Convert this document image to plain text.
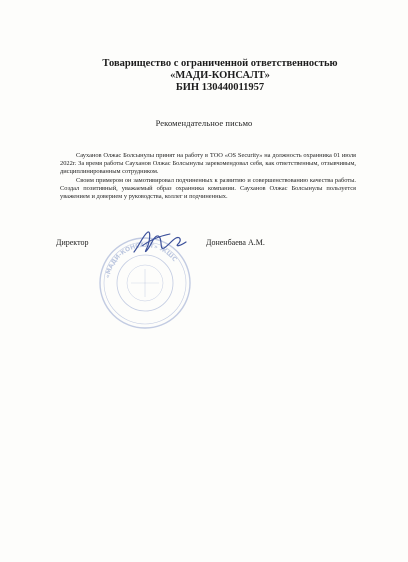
Товарищество с ограниченной ответственностью
«МАДИ-КОНСАЛТ»
БИН 130440011957
Рекомендательное письмо

Сауханов Олжас Болсынулы принят на работу в ТОО «OS Security» на должность охранника 01 июля 2022г. За время работы Сауханов Олжас Болсынулы зарекомендовал себя, как ответственным, отзывчивым, дисциплинированным сотрудником.

Своим примером он замотивировал подчиненных к развитию и совершенствованию качества работы. Создал позитивный, уважаемый образ охранника компании. Сауханов Олжас Болсынулы пользуется уважением и доверием у руководства, коллег и подчиненных.

«МАДИ-КОНСАЛТ» ЖШС
Директор	Доненбаева А.М.
